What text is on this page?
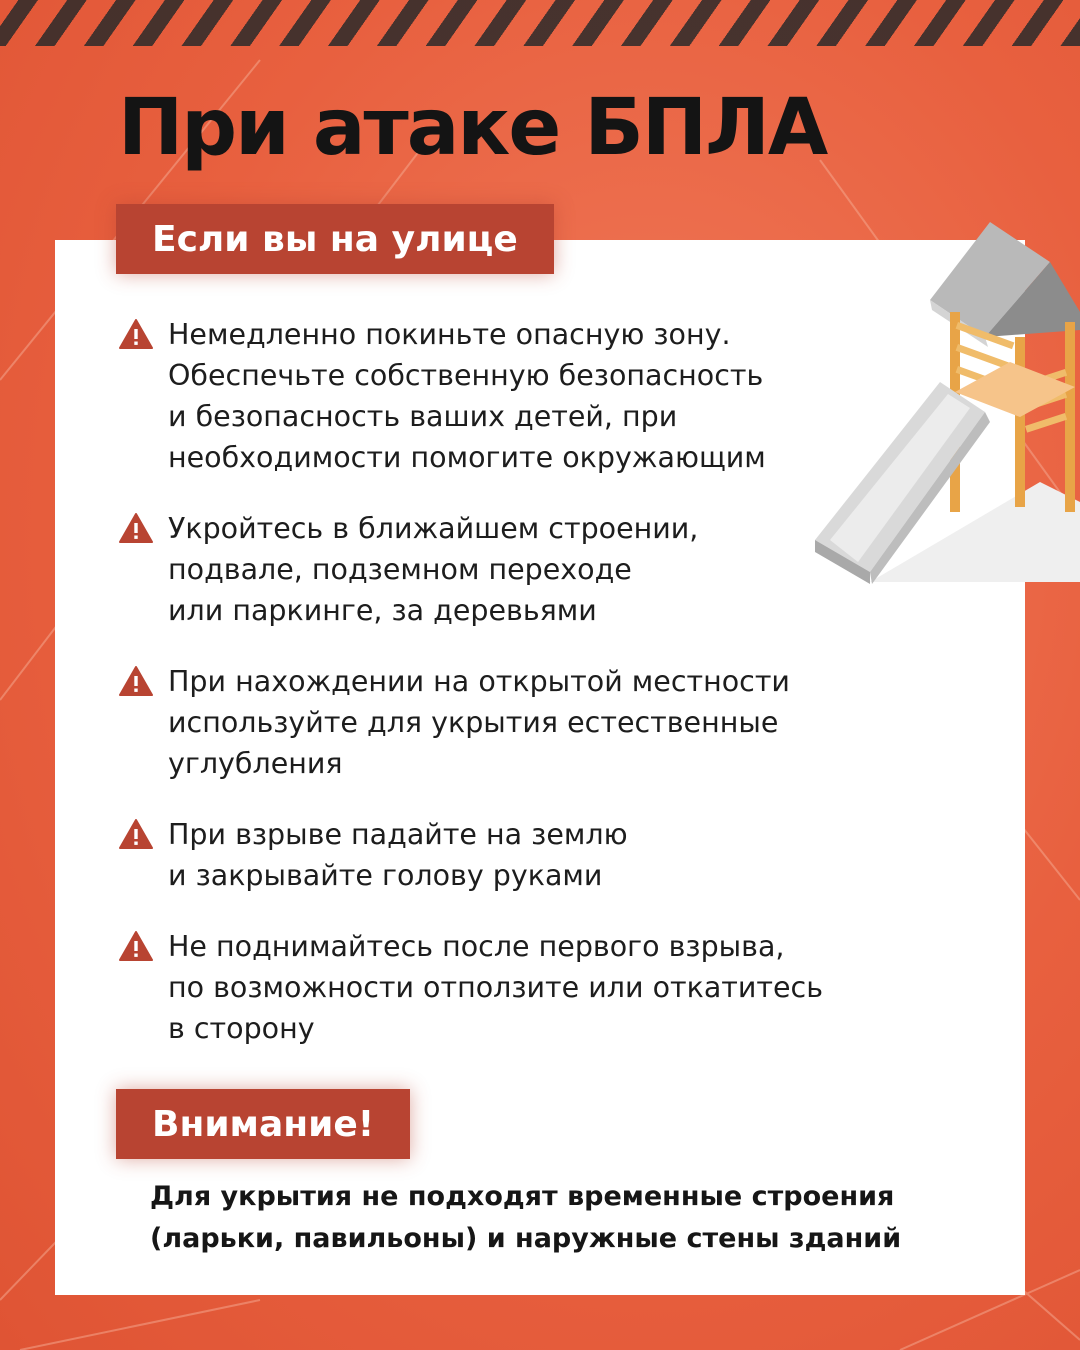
При атаке БПЛА
Если вы на улице
Немедленно покиньте опасную зону.
Обеспечьте собственную безопасность
и безопасность ваших детей, при
необходимости помогите окружающим
Укройтесь в ближайшем строении,
подвале, подземном переходе
или паркинге, за деревьями
При нахождении на открытой местности
используйте для укрытия естественные
углубления
При взрыве падайте на землю
и закрывайте голову руками
Не поднимайтесь после первого взрыва,
по возможности отползите или откатитесь
в сторону
Внимание!

Для укрытия не подходят временные строения
(ларьки, павильоны) и наружные стены зданий
